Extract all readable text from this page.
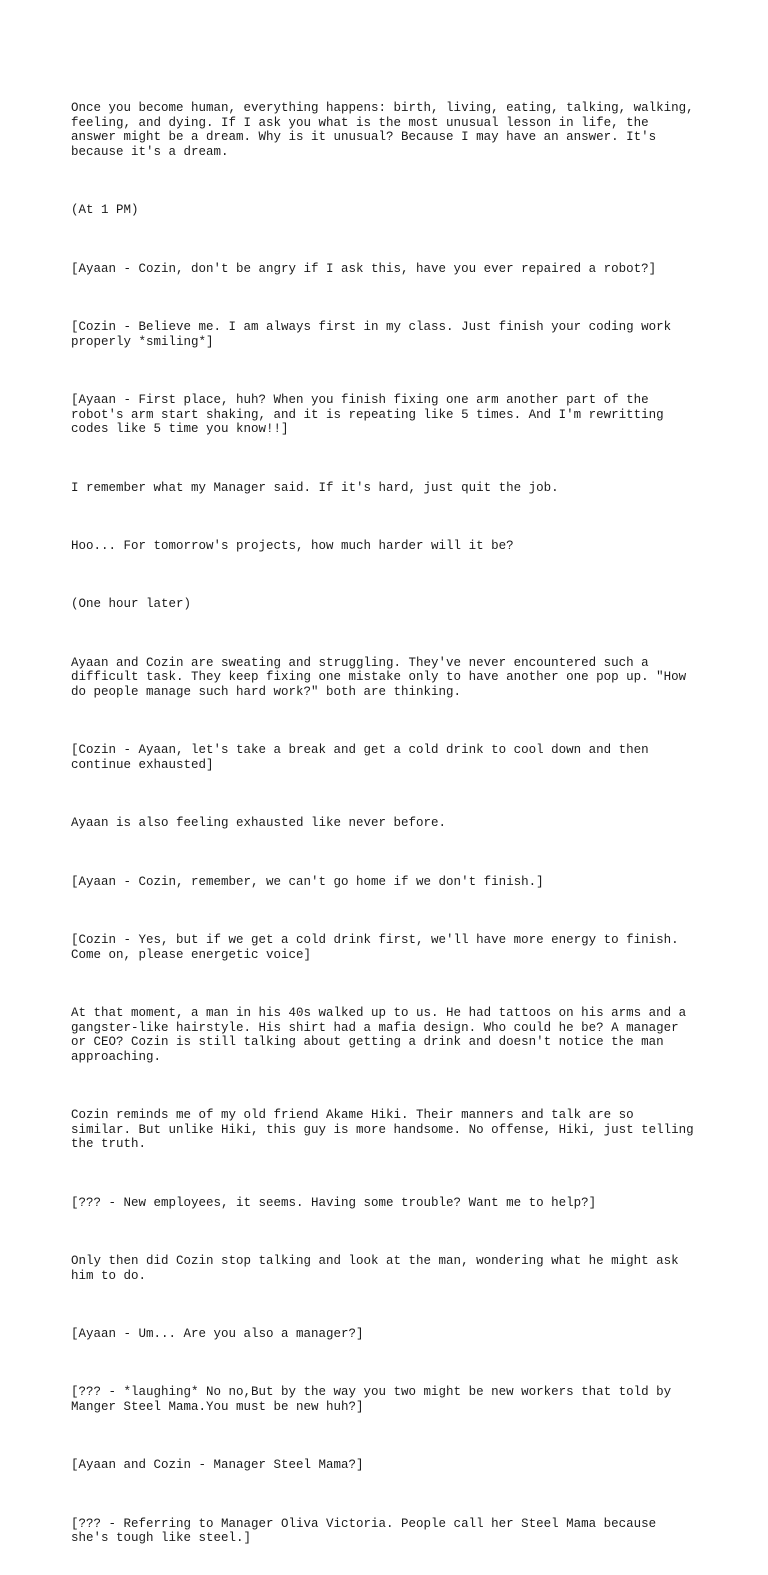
Once you become human, everything happens: birth, living, eating, talking, walking,
feeling, and dying. If I ask you what is the most unusual lesson in life, the
answer might be a dream. Why is it unusual? Because I may have an answer. It's
because it's a dream.

(At 1 PM)

[Ayaan - Cozin, don't be angry if I ask this, have you ever repaired a robot?]

[Cozin - Believe me. I am always first in my class. Just finish your coding work
properly *smiling*]

[Ayaan - First place, huh? When you finish fixing one arm another part of the
robot's arm start shaking, and it is repeating like 5 times. And I'm rewritting
codes like 5 time you know!!]

I remember what my Manager said. If it's hard, just quit the job.

Hoo... For tomorrow's projects, how much harder will it be?

(One hour later)

Ayaan and Cozin are sweating and struggling. They've never encountered such a
difficult task. They keep fixing one mistake only to have another one pop up. "How
do people manage such hard work?" both are thinking.

[Cozin - Ayaan, let's take a break and get a cold drink to cool down and then
continue exhausted]

Ayaan is also feeling exhausted like never before.

[Ayaan - Cozin, remember, we can't go home if we don't finish.]

[Cozin - Yes, but if we get a cold drink first, we'll have more energy to finish.
Come on, please energetic voice]

At that moment, a man in his 40s walked up to us. He had tattoos on his arms and a
gangster-like hairstyle. His shirt had a mafia design. Who could he be? A manager
or CEO? Cozin is still talking about getting a drink and doesn't notice the man
approaching.

Cozin reminds me of my old friend Akame Hiki. Their manners and talk are so
similar. But unlike Hiki, this guy is more handsome. No offense, Hiki, just telling
the truth.

[??? - New employees, it seems. Having some trouble? Want me to help?]

Only then did Cozin stop talking and look at the man, wondering what he might ask
him to do.

[Ayaan - Um... Are you also a manager?]

[??? - *laughing* No no,But by the way you two might be new workers that told by
Manger Steel Mama.You must be new huh?]

[Ayaan and Cozin - Manager Steel Mama?]

[??? - Referring to Manager Oliva Victoria. People call her Steel Mama because
she's tough like steel.]
